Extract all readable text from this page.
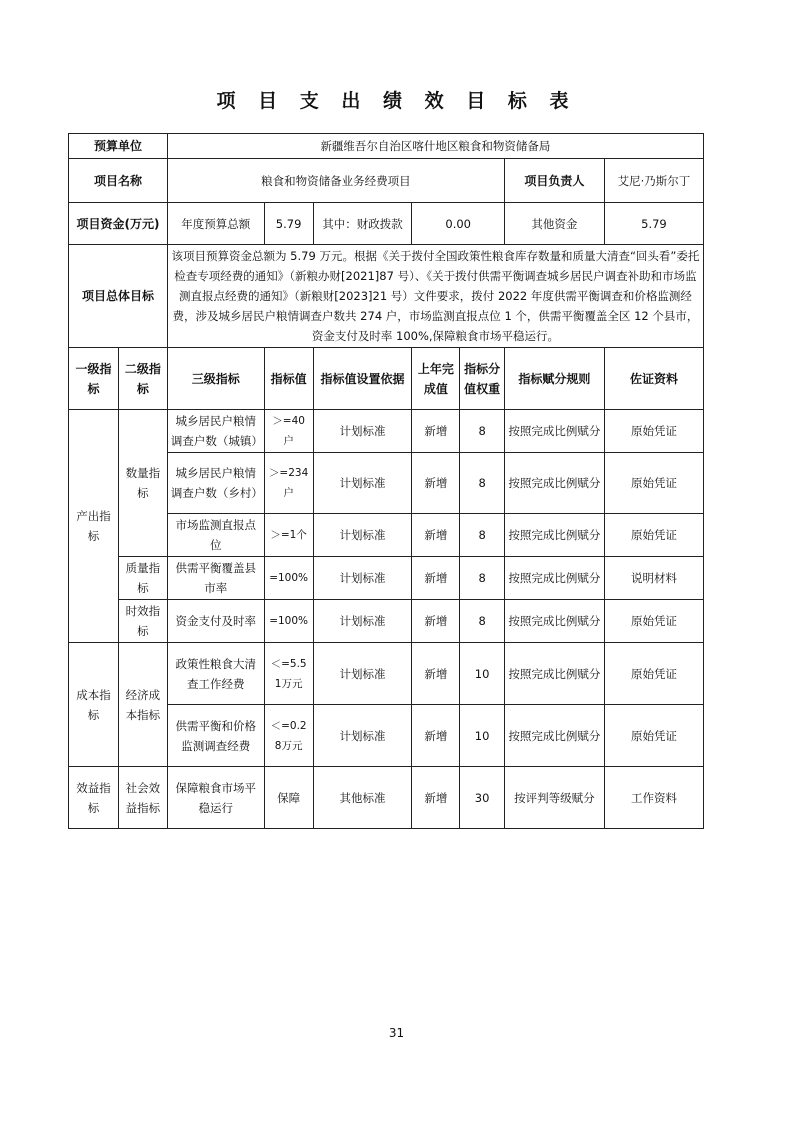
项 目 支 出 绩 效 目 标 表
预算单位		新疆维吾尔自治区喀什地区粮食和物资储备局						
项目名称		粮食和物资储备业务经费项目					项目负责人	艾尼·乃斯尔丁
项目资金(万元)		年度预算总额	5.79	其中：财政拨款	0.00		其他资金	5.79
项目总体目标		该项目预算资金总额为 5.79 万元。根据《关于拨付全国政策性粮食库存数量和质量大清查“回头看”委托检查专项经费的通知》（新粮办财[2021]87 号）、《关于拨付供需平衡调查城乡居民户调查补助和市场监测直报点经费的通知》（新粮财[2023]21 号）文件要求，拨付 2022 年度供需平衡调查和价格监测经费，涉及城乡居民户粮情调查户数共 274 户，市场监测直报点位 1 个，供需平衡覆盖全区 12 个县市，资金支付及时率 100%,保障粮食市场平稳运行。						
一级指标	二级指标	三级指标	指标值	指标值设置依据	上年完成值	指标分值权重	指标赋分规则	佐证资料
产出指标	数量指标	城乡居民户粮情调查户数（城镇）	＞=40户	计划标准	新增	8	按照完成比例赋分	原始凭证
		城乡居民户粮情调查户数（乡村）	＞=234户	计划标准	新增	8	按照完成比例赋分	原始凭证
		市场监测直报点位	＞=1个	计划标准	新增	8	按照完成比例赋分	原始凭证
	质量指标	供需平衡覆盖县市率	=100%	计划标准	新增	8	按照完成比例赋分	说明材料
	时效指标	资金支付及时率	=100%	计划标准	新增	8	按照完成比例赋分	原始凭证
成本指标	经济成本指标	政策性粮食大清查工作经费	＜=5.51万元	计划标准	新增	10	按照完成比例赋分	原始凭证
		供需平衡和价格监测调查经费	＜=0.28万元	计划标准	新增	10	按照完成比例赋分	原始凭证
效益指标	社会效益指标	保障粮食市场平稳运行	保障	其他标准	新增	30	按评判等级赋分	工作资料
31
